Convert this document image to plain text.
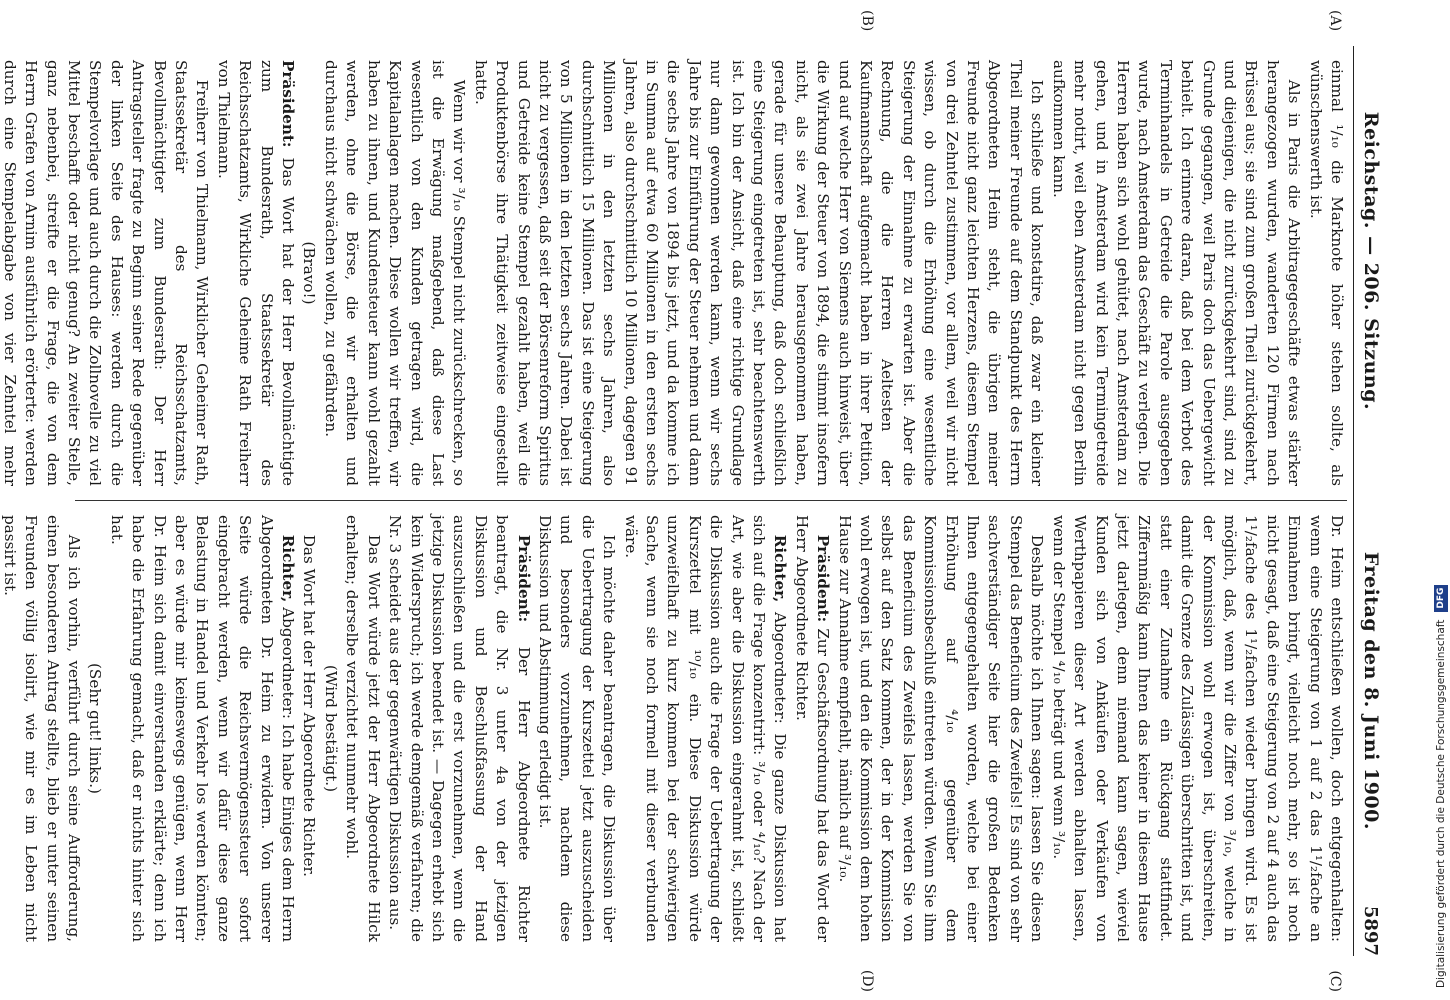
Reichstag. — 206. Sitzung.
Freitag den 8. Juni 1900.
5897
(A)
(B)

einmal ¹/₁₀ die Marknote höher stehen sollte, als wünschenswerth ist.

Als in Paris die Arbitragegeschäfte etwas stärker herangezogen wurden, wanderten 120 Firmen nach Brüssel aus; sie sind zum großen Theil zurückgekehrt, und diejenigen, die nicht zurückgekehrt sind, sind zu Grunde gegangen, weil Paris doch das Uebergewicht behielt. Ich erinnere daran, daß bei dem Verbot des Terminhandels in Getreide die Parole ausgegeben wurde, nach Amsterdam das Geschäft zu verlegen. Die Herren haben sich wohl gehütet, nach Amsterdam zu gehen, und in Amsterdam wird kein Termingetreide mehr notirt, weil eben Amsterdam nicht gegen Berlin aufkommen kann.

Ich schließe und konstatire, daß zwar ein kleiner Theil meiner Freunde auf dem Standpunkt des Herrn Abgeordneten Heim steht, die übrigen meiner Freunde nicht ganz leichten Herzens, diesem Stempel von drei Zehntel zustimmen, vor allem, weil wir nicht wissen, ob durch die Erhöhung eine wesentliche Steigerung der Einnahme zu erwarten ist. Aber die Rechnung, die die Herren Aeltesten der Kaufmannschaft aufgemacht haben in ihrer Petition, und auf welche Herr von Siemens auch hinweist, über die Wirkung der Steuer von 1894, die stimmt insofern nicht, als sie zwei Jahre herausgenommen haben, gerade für unsere Behauptung, daß doch schließlich eine Steigerung eingetreten ist, sehr beachtenswerth ist. Ich bin der Ansicht, daß eine richtige Grundlage nur dann gewonnen werden kann, wenn wir sechs Jahre bis zur Einführung der Steuer nehmen und dann die sechs Jahre von 1894 bis jetzt, und da komme ich in Summa auf etwa 60 Millionen in den ersten sechs Jahren, also durchschnittlich 10 Millionen, dagegen 91 Millionen in den letzten sechs Jahren, also durchschnittlich 15 Millionen. Das ist eine Steigerung von 5 Millionen in den letzten sechs Jahren. Dabei ist nicht zu vergessen, daß seit der Börsenreform Spiritus und Getreide keine Stempel gezahlt haben, weil die Produktenbörse ihre Thätigkeit zeitweise eingestellt hatte.

Wenn wir vor ³/₁₀ Stempel nicht zurückschrecken, so ist die Erwägung maßgebend, daß diese Last wesentlich von den Kunden getragen wird, die Kapitalanlagen machen. Diese wollen wir treffen, wir haben zu ihnen, und Kundensteuer kann wohl gezahlt werden, ohne die Börse, die wir erhalten und durchaus nicht schwächen wollen, zu gefährden.

(Bravo!)

Präsident: Das Wort hat der Herr Bevollmächtigte zum Bundesrath, Staatssekretär des Reichsschatzamts, Wirkliche Geheime Rath Freiherr von Thielmann.

Freiherr von Thielmann, Wirklicher Geheimer Rath, Staatssekretär des Reichsschatzamts, Bevollmächtigter zum Bundesrath: Der Herr Antragsteller fragte zu Beginn seiner Rede gegenüber der linken Seite des Hauses: werden durch die Stempelvorlage und auch durch die Zollnovelle zu viel Mittel beschafft oder nicht genug? An zweiter Stelle, ganz nebenbei, streifte er die Frage, die von dem Herrn Grafen von Arnim ausführlich erörterte: werden durch eine Stempelabgabe von vier Zehntel mehr

(C)
(D)

Dr. Heim entschließen wollen, doch entgegenhalten: wenn eine Steigerung von 1 auf 2 das 1¹/₂fache an Einnahmen bringt, vielleicht noch mehr, so ist noch nicht gesagt, daß eine Steigerung von 2 auf 4 auch das 1¹/₂fache des 1¹/₂fachen wieder bringen wird. Es ist möglich, daß, wenn wir die Ziffer von ³/₁₀, welche in der Kommission wohl erwogen ist, überschreiten, damit die Grenze des Zulässigen überschritten ist, und statt einer Zunahme ein Rückgang stattfindet. Ziffernmäßig kann Ihnen das keiner in diesem Hause jetzt darlegen, denn niemand kann sagen, wieviel Kunden sich von Ankäufen oder Verkäufen von Werthpapieren dieser Art werden abhalten lassen, wenn der Stempel ⁴/₁₀ beträgt und wenn ³/₁₀.

Deshalb möchte ich Ihnen sagen: lassen Sie diesen Stempel das Beneficium des Zweifels! Es sind von sehr sachverständiger Seite hier die großen Bedenken Ihnen entgegengehalten worden, welche bei einer Erhöhung auf ⁴/₁₀ gegenüber dem Kommissionsbeschluß eintreten würden. Wenn Sie ihm das Beneficium des Zweifels lassen, werden Sie von selbst auf den Satz kommen, der in der Kommission wohl erwogen ist, und den die Kommission dem hohen Hause zur Annahme empfiehlt, nämlich auf ³/₁₀.

Präsident: Zur Geschäftsordnung hat das Wort der Herr Abgeordnete Richter.

Richter, Abgeordneter: Die ganze Diskussion hat sich auf die Frage konzentrirt: ³/₁₀ oder ⁴/₁₀? Nach der Art, wie aber die Diskussion eingerahmt ist, schließt die Diskussion auch die Frage der Uebertragung der Kurszettel mit ¹⁰/₁₀ ein. Diese Diskussion würde unzweifelhaft zu kurz kommen bei der schwierigen Sache, wenn sie noch formell mit dieser verbunden wäre.

Ich möchte daher beantragen, die Diskussion über die Uebertragung der Kurszettel jetzt auszuscheiden und besonders vorzunehmen, nachdem diese Diskussion und Abstimmung erledigt ist.

Präsident: Der Herr Abgeordnete Richter beantragt, die Nr. 3 unter 4a von der jetzigen Diskussion und Beschlußfassung der Hand auszuschließen und die erst vorzunehmen, wenn die jetzige Diskussion beendet ist. — Dagegen erhebt sich kein Widerspruch; ich werde demgemäß verfahren; die Nr. 3 scheidet aus der gegenwärtigen Diskussion aus.

Das Wort würde jetzt der Herr Abgeordnete Hilck erhalten; derselbe verzichtet nunmehr wohl.

(Wird bestätigt.)

Das Wort hat der Herr Abgeordnete Richter.

Richter, Abgeordneter: Ich habe Einiges dem Herrn Abgeordneten Dr. Heim zu erwidern. Von unserer Seite würde die Reichsvermögenssteuer sofort eingebracht werden, wenn wir dafür diese ganze Belastung in Handel und Verkehr los werden könnten; aber es würde mir keineswegs genügen, wenn Herr Dr. Heim sich damit einverstanden erklärte; denn ich habe die Erfahrung gemacht, daß er nichts hinter sich hat.

(Sehr gut! links.)

Als ich vorhin, verführt durch seine Aufforderung, einen besonderen Antrag stellte, blieb er unter seinen Freunden völlig isolirt, wie mir es im Leben nicht passirt ist.

Digitalisierung gefördert durch die Deutsche Forschungsgemeinschaft
DFG
